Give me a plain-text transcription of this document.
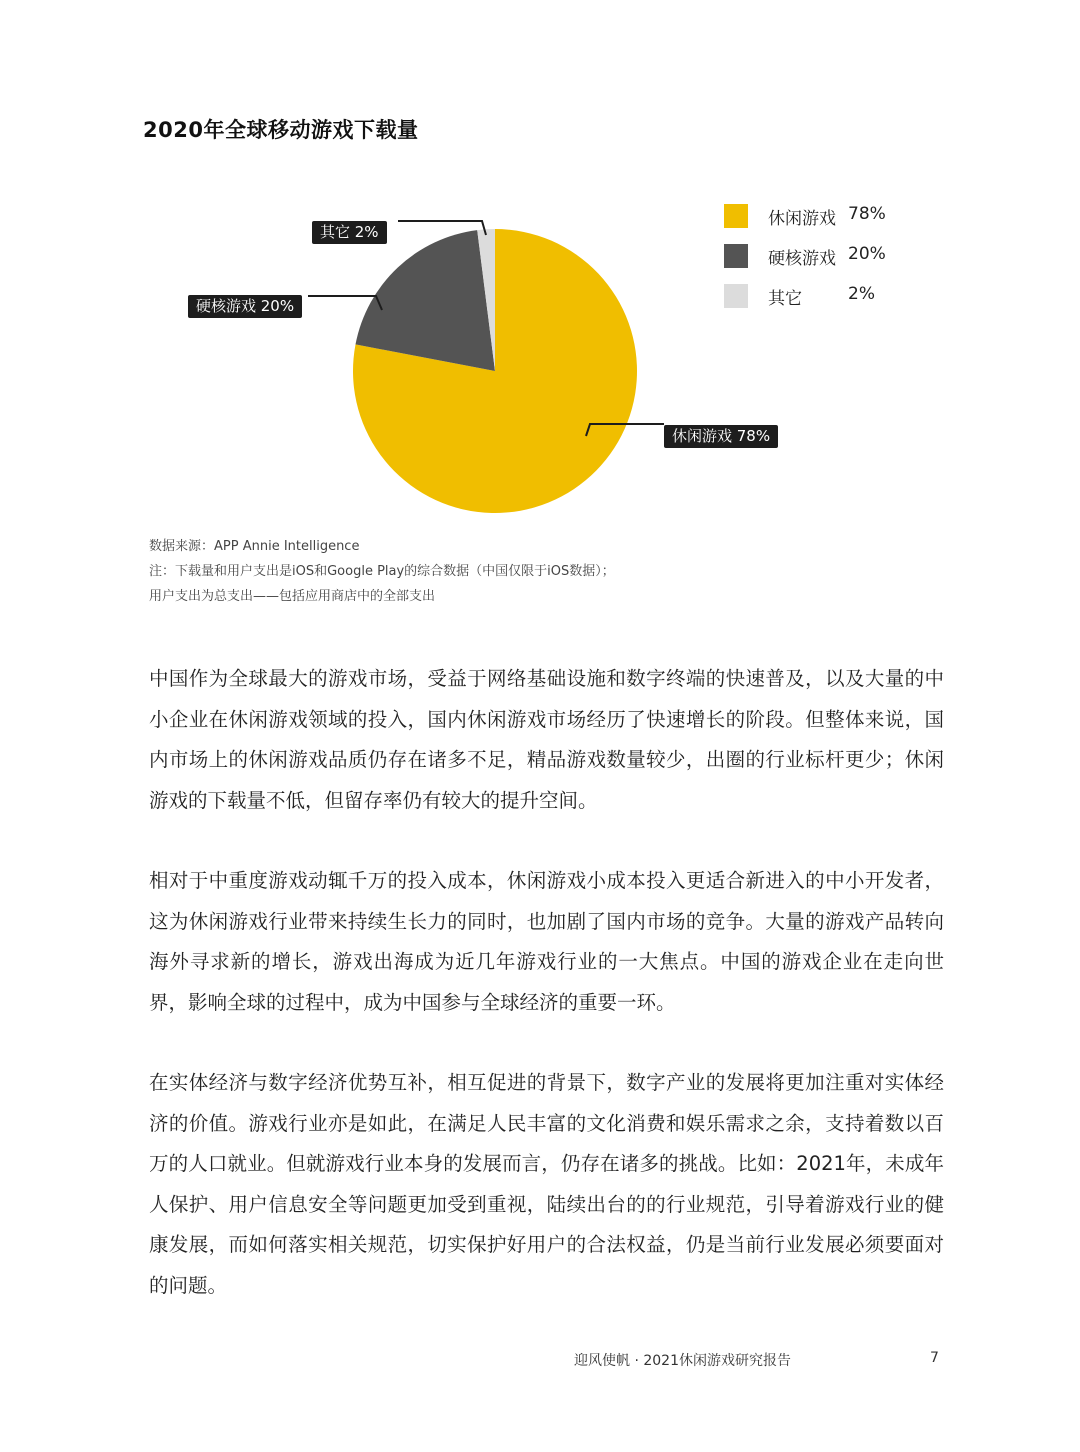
2020年全球移动游戏下载量
休闲游戏 78%
硬核游戏 20%
其它 2%
休闲游戏 78%
硬核游戏 20%
其它	2%
数据来源：APP Annie Intelligence
注：下载量和用户支出是iOS和Google Play的综合数据（中国仅限于iOS数据）；
用户支出为总支出——包括应用商店中的全部支出

中国作为全球最大的游戏市场，受益于网络基础设施和数字终端的快速普及，以及大量的中小企业在休闲游戏领域的投入，国内休闲游戏市场经历了快速增长的阶段。但整体来说，国内市场上的休闲游戏品质仍存在诸多不足，精品游戏数量较少，出圈的行业标杆更少；休闲游戏的下载量不低，但留存率仍有较大的提升空间。

相对于中重度游戏动辄千万的投入成本，休闲游戏小成本投入更适合新进入的中小开发者，这为休闲游戏行业带来持续生长力的同时，也加剧了国内市场的竞争。大量的游戏产品转向海外寻求新的增长，游戏出海成为近几年游戏行业的一大焦点。中国的游戏企业在走向世界，影响全球的过程中，成为中国参与全球经济的重要一环。

在实体经济与数字经济优势互补，相互促进的背景下，数字产业的发展将更加注重对实体经济的价值。游戏行业亦是如此，在满足人民丰富的文化消费和娱乐需求之余，支持着数以百万的人口就业。但就游戏行业本身的发展而言，仍存在诸多的挑战。比如：2021年，未成年人保护、用户信息安全等问题更加受到重视，陆续出台的的行业规范，引导着游戏行业的健康发展，而如何落实相关规范，切实保护好用户的合法权益，仍是当前行业发展必须要面对的问题。

迎风使帆 · 2021休闲游戏研究报告	7
